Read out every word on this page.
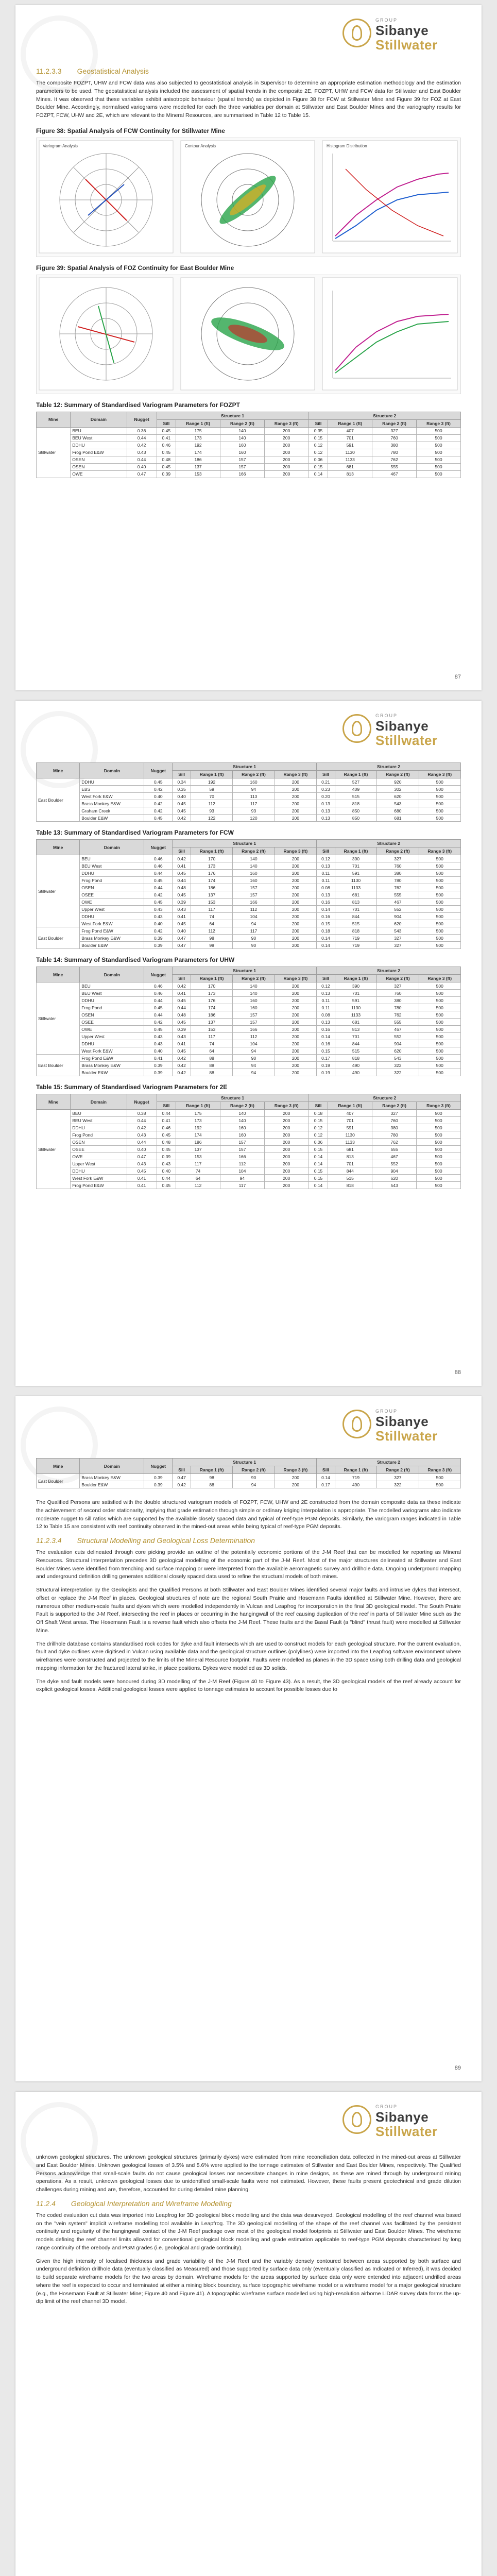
GROUP
Sibanye
Stillwater
11.2.3.3 Geostatistical Analysis

The composite FOZPT, UHW and FCW data was also subjected to geostatistical analysis in Supervisor to determine an appropriate estimation methodology and the estimation parameters to be used. The geostatistical analysis included the assessment of spatial trends in the composite 2E, FOZPT, UHW and FCW data for Stillwater and East Boulder Mines. It was observed that these variables exhibit anisotropic behaviour (spatial trends) as depicted in Figure 38 for FCW at Stillwater Mine and Figure 39 for FOZ at East Boulder Mine. Accordingly, normalised variograms were modelled for each the three variables per domain at Stillwater and East Boulder Mines and the variography results for FOZPT, FCW, UHW and 2E, which are relevant to the Mineral Resources, are summarised in Table 12 to Table 15.

Figure 38: Spatial Analysis of FCW Continuity for Stillwater Mine
Variogram Analysis	Contour Analysis	Histogram Distribution
Figure 39: Spatial Analysis of FOZ Continuity for East Boulder Mine
Table 12: Summary of Standardised Variogram Parameters for FOZPT
Mine	Domain	Nugget	Structure 1				Structure 2			
			Sill	Range 1 (ft)	Range 2 (ft)	Range 3 (ft)	Sill	Range 1 (ft)	Range 2 (ft)	Range 3 (ft)
Stillwater	BEU	0.36	0.45	175	140	200	0.35	407	327	500
	BEU West	0.44	0.41	173	140	200	0.15	701	760	500
	DDHU	0.42	0.46	192	160	200	0.12	591	380	500
	Frog Pond E&W	0.43	0.45	174	160	200	0.12	1130	780	500
	OSEN	0.44	0.48	186	157	200	0.06	1133	762	500
	OSEN	0.40	0.45	137	157	200	0.15	681	555	500
	OWE	0.47	0.39	153	166	200	0.14	813	467	500
87
GROUP
Sibanye
Stillwater
Mine	Domain	Nugget	Structure 1				Structure 2			
			Sill	Range 1 (ft)	Range 2 (ft)	Range 3 (ft)	Sill	Range 1 (ft)	Range 2 (ft)	Range 3 (ft)
East Boulder	DDHU	0.45	0.34	192	160	200	0.21	527	920	500
	EBS	0.42	0.35	59	94	200	0.23	409	302	500
	West Fork E&W	0.40	0.40	70	113	200	0.20	515	620	500
	Brass Monkey E&W	0.42	0.45	112	117	200	0.13	818	543	500
	Graham Creek	0.42	0.45	93	93	200	0.13	850	680	500
	Boulder E&W	0.45	0.42	122	120	200	0.13	850	681	500
Table 13: Summary of Standardised Variogram Parameters for FCW
Mine	Domain	Nugget	Structure 1				Structure 2			
			Sill	Range 1 (ft)	Range 2 (ft)	Range 3 (ft)	Sill	Range 1 (ft)	Range 2 (ft)	Range 3 (ft)
Stillwater	BEU	0.46	0.42	170	140	200	0.12	390	327	500
	BEU West	0.46	0.41	173	140	200	0.13	701	760	500
	DDHU	0.44	0.45	176	160	200	0.11	591	380	500
	Frog Pond	0.45	0.44	174	160	200	0.11	1130	780	500
	OSEN	0.44	0.48	186	157	200	0.08	1133	762	500
	OSEE	0.42	0.45	137	157	200	0.13	681	555	500
	OWE	0.45	0.39	153	166	200	0.16	813	467	500
	Upper West	0.43	0.43	117	112	200	0.14	701	552	500
	DDHU	0.43	0.41	74	104	200	0.16	844	904	500
	West Fork E&W	0.40	0.45	64	94	200	0.15	515	620	500
East Boulder	Frog Pond E&W	0.42	0.40	112	117	200	0.18	818	543	500
	Brass Monkey E&W	0.39	0.47	98	90	200	0.14	719	327	500
	Boulder E&W	0.39	0.47	98	90	200	0.14	719	327	500
Table 14: Summary of Standardised Variogram Parameters for UHW
Mine	Domain	Nugget	Structure 1				Structure 2			
			Sill	Range 1 (ft)	Range 2 (ft)	Range 3 (ft)	Sill	Range 1 (ft)	Range 2 (ft)	Range 3 (ft)
Stillwater	BEU	0.46	0.42	170	140	200	0.12	390	327	500
	BEU West	0.46	0.41	173	140	200	0.13	701	760	500
	DDHU	0.44	0.45	176	160	200	0.11	591	380	500
	Frog Pond	0.45	0.44	174	160	200	0.11	1130	780	500
	OSEN	0.44	0.48	186	157	200	0.08	1133	762	500
	OSEE	0.42	0.45	137	157	200	0.13	681	555	500
	OWE	0.45	0.39	153	166	200	0.16	813	467	500
	Upper West	0.43	0.43	117	112	200	0.14	701	552	500
	DDHU	0.43	0.41	74	104	200	0.16	844	904	500
	West Fork E&W	0.40	0.45	64	94	200	0.15	515	620	500
East Boulder	Frog Pond E&W	0.41	0.42	88	90	200	0.17	818	543	500
	Brass Monkey E&W	0.39	0.42	88	94	200	0.19	490	322	500
	Boulder E&W	0.39	0.42	88	94	200	0.19	490	322	500
Table 15: Summary of Standardised Variogram Parameters for 2E
Mine	Domain	Nugget	Structure 1				Structure 2			
			Sill	Range 1 (ft)	Range 2 (ft)	Range 3 (ft)	Sill	Range 1 (ft)	Range 2 (ft)	Range 3 (ft)
Stillwater	BEU	0.38	0.44	175	140	200	0.18	407	327	500
	BEU West	0.44	0.41	173	140	200	0.15	701	760	500
	DDHU	0.42	0.46	192	160	200	0.12	591	380	500
	Frog Pond	0.43	0.45	174	160	200	0.12	1130	780	500
	OSEN	0.44	0.48	186	157	200	0.06	1133	762	500
	OSEE	0.40	0.45	137	157	200	0.15	681	555	500
	OWE	0.47	0.39	153	166	200	0.14	813	467	500
	Upper West	0.43	0.43	117	112	200	0.14	701	552	500
	DDHU	0.45	0.40	74	104	200	0.15	844	904	500
	West Fork E&W	0.41	0.44	64	94	200	0.15	515	620	500
	Frog Pond E&W	0.41	0.45	112	117	200	0.14	818	543	500
88
GROUP
Sibanye
Stillwater
Mine	Domain	Nugget	Structure 1				Structure 2			
			Sill	Range 1 (ft)	Range 2 (ft)	Range 3 (ft)	Sill	Range 1 (ft)	Range 2 (ft)	Range 3 (ft)
East Boulder	Brass Monkey E&W	0.39	0.47	98	90	200	0.14	719	327	500
	Boulder E&W	0.39	0.42	88	94	200	0.17	490	322	500

The Qualified Persons are satisfied with the double structured variogram models of FOZPT, FCW, UHW and 2E constructed from the domain composite data as these indicate the achievement of second order stationarity, implying that grade estimation through simple or ordinary kriging interpolation is appropriate. The modelled variograms also indicate moderate nugget to sill ratios which are supported by the available closely spaced data and typical of reef-type PGM deposits. Similarly, the variogram ranges indicated in Table 12 to Table 15 are consistent with reef continuity observed in the mined-out areas while being typical of reef-type PGM deposits.

11.2.3.4 Structural Modelling and Geological Loss Determination

The evaluation cuts delineated through core picking provide an outline of the potentially economic portions of the J-M Reef that can be modelled for reporting as Mineral Resources. Structural interpretation precedes 3D geological modelling of the economic part of the J-M Reef. Most of the major structures delineated at Stillwater and East Boulder Mines were identified from trenching and surface mapping or were interpreted from the available aeromagnetic survey and drillhole data. Ongoing underground mapping and underground definition drilling generates additional closely spaced data used to refine the structural models of both mines.

Structural interpretation by the Geologists and the Qualified Persons at both Stillwater and East Boulder Mines identified several major faults and intrusive dykes that intersect, offset or replace the J-M Reef in places. Geological structures of note are the regional South Prairie and Hosemann Faults identified at Stillwater Mine. However, there are numerous other medium-scale faults and dykes which were modelled independently in Vulcan and Leapfrog for incorporation in the final 3D geological model. The South Prairie Fault is supported to the J-M Reef, intersecting the reef in places or occurring in the hangingwall of the reef causing duplication of the reef in parts of Stillwater Mine such as the Off Shaft West areas. The Hosemann Fault is a reverse fault which also offsets the J-M Reef. These faults and the Basal Fault (a "blind" thrust fault) were modelled at Stillwater Mine.

The drillhole database contains standardised rock codes for dyke and fault intersects which are used to construct models for each geological structure. For the current evaluation, fault and dyke outlines were digitised in Vulcan using available data and the geological structure outlines (polylines) were imported into the Leapfrog software environment where wireframes were constructed and projected to the limits of the Mineral Resource footprint. Faults were modelled as planes in the 3D space using both drilling data and geological mapping information for the fractured lateral strike, in place positions. Dykes were modelled as 3D solids.

The dyke and fault models were honoured during 3D modelling of the J-M Reef (Figure 40 to Figure 43). As a result, the 3D geological models of the reef already account for explicit geological losses. Additional geological losses were applied to tonnage estimates to account for possible losses due to

89
GROUP
Sibanye
Stillwater

unknown geological structures. The unknown geological structures (primarily dykes) were estimated from mine reconciliation data collected in the mined-out areas at Stillwater and East Boulder Mines. Unknown geological losses of 3.5% and 5.6% were applied to the tonnage estimates of Stillwater and East Boulder Mines, respectively. The Qualified Persons acknowledge that small-scale faults do not cause geological losses nor necessitate changes in mine designs, as these are mined through by underground mining operations. As a result, unknown geological losses due to unidentified small-scale faults were not estimated. However, these faults present geotechnical and grade dilution challenges during mining and are, therefore, accounted for during detailed mine planning.

11.2.4 Geological Interpretation and Wireframe Modelling

The coded evaluation cut data was imported into Leapfrog for 3D geological block modelling and the data was desurveyed. Geological modelling of the reef channel was based on the "vein system" implicit wireframe modelling tool available in Leapfrog. The 3D geological modelling of the shape of the reef channel was facilitated by the persistent continuity and regularity of the hangingwall contact of the J-M Reef package over most of the geological model footprints at Stillwater and East Boulder Mines. The wireframe models defining the reef channel limits allowed for conventional geological block modelling and grade estimation applicable to reef-type PGM deposits characterised by long range continuity of the orebody and PGM grades (i.e. geological and grade continuity).

Given the high intensity of localised thickness and grade variability of the J-M Reef and the variably densely contoured between areas supported by both surface and underground definition drillhole data (eventually classified as Measured) and those supported by surface data only (eventually classified as Indicated or Inferred), it was decided to build separate wireframe models for the two areas by domain. Wireframe models for the areas supported by surface data only were extended into adjacent undrilled areas where the reef is expected to occur and terminated at either a mining block boundary, surface topographic wireframe model or a wireframe model for a major geological structure (e.g., the Hosemann Fault at Stillwater Mine; Figure 40 and Figure 41). A topographic wireframe surface modelled using high-resolution airborne LiDAR survey data forms the up-dip limit of the reef channel 3D model.
